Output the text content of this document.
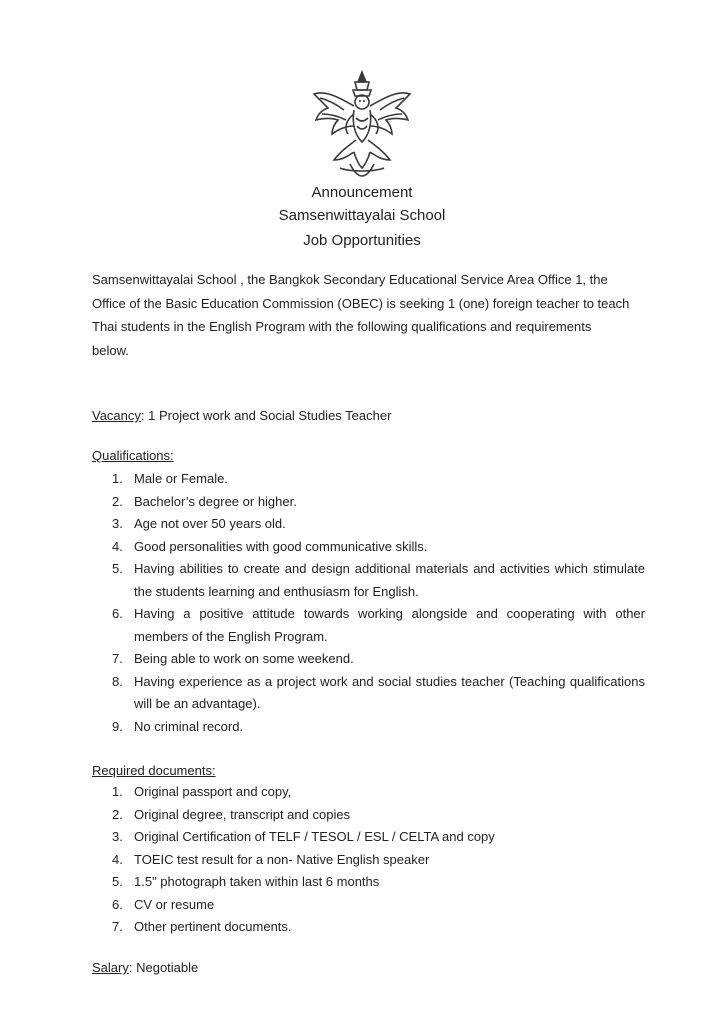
Announcement
Samsenwittayalai School
Job Opportunities

Samsenwittayalai School , the Bangkok Secondary Educational Service Area Office 1, the

Office of the Basic Education Commission (OBEC) is seeking 1 (one) foreign teacher to teach

Thai students in the English Program with the following qualifications and requirements

below.

Vacancy: 1 Project work and Social Studies Teacher
Qualifications:
1. Male or Female.
2. Bachelor’s degree or higher.
3. Age not over 50 years old.
4. Good personalities with good communicative skills.
5. Having abilities to create and design additional materials and activities which stimulate the students learning and enthusiasm for English.
6. Having a positive attitude towards working alongside and cooperating with other members of the English Program.
7. Being able to work on some weekend.
8. Having experience as a project work and social studies teacher (Teaching qualifications will be an advantage).
9. No criminal record.
Required documents:
1. Original passport and copy,
2. Original degree, transcript and copies
3. Original Certification of TELF / TESOL / ESL / CELTA and copy
4. TOEIC test result for a non- Native English speaker
5. 1.5" photograph taken within last 6 months
6. CV or resume
7. Other pertinent documents.
Salary: Negotiable
